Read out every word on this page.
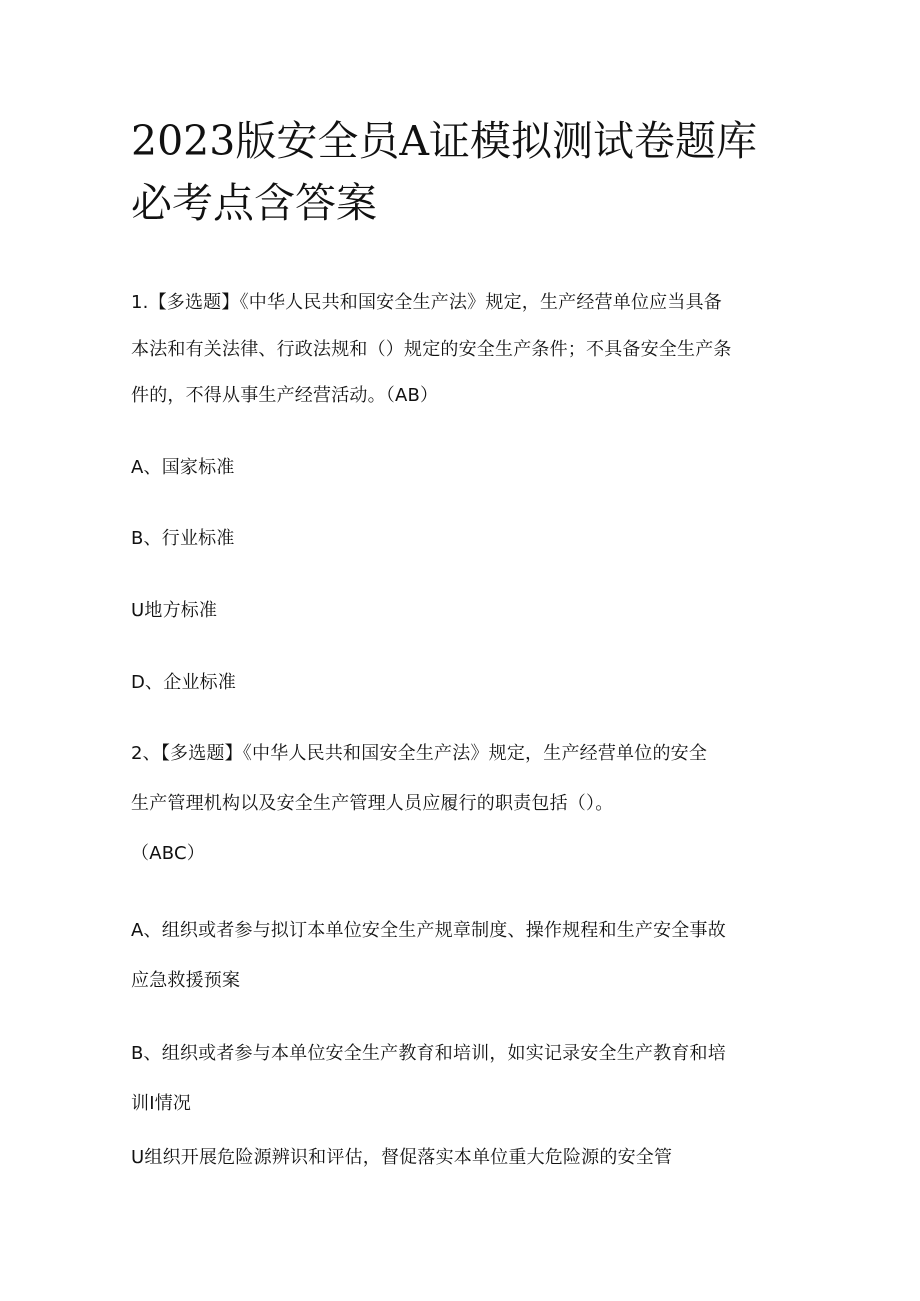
2023版安全员A证模拟测试卷题库
必考点含答案
1.【多选题】《中华人民共和国安全生产法》规定，生产经营单位应当具备
本法和有关法律、行政法规和（）规定的安全生产条件；不具备安全生产条
件的，不得从事生产经营活动。（AB）
A、国家标准
B、行业标准
U地方标准
D、企业标准
2、【多选题】《中华人民共和国安全生产法》规定，生产经营单位的安全
生产管理机构以及安全生产管理人员应履行的职责包括（）。
（ABC）
A、组织或者参与拟订本单位安全生产规章制度、操作规程和生产安全事故
应急救援预案
B、组织或者参与本单位安全生产教育和培训，如实记录安全生产教育和培
训I情况
U组织开展危险源辨识和评估，督促落实本单位重大危险源的安全管
